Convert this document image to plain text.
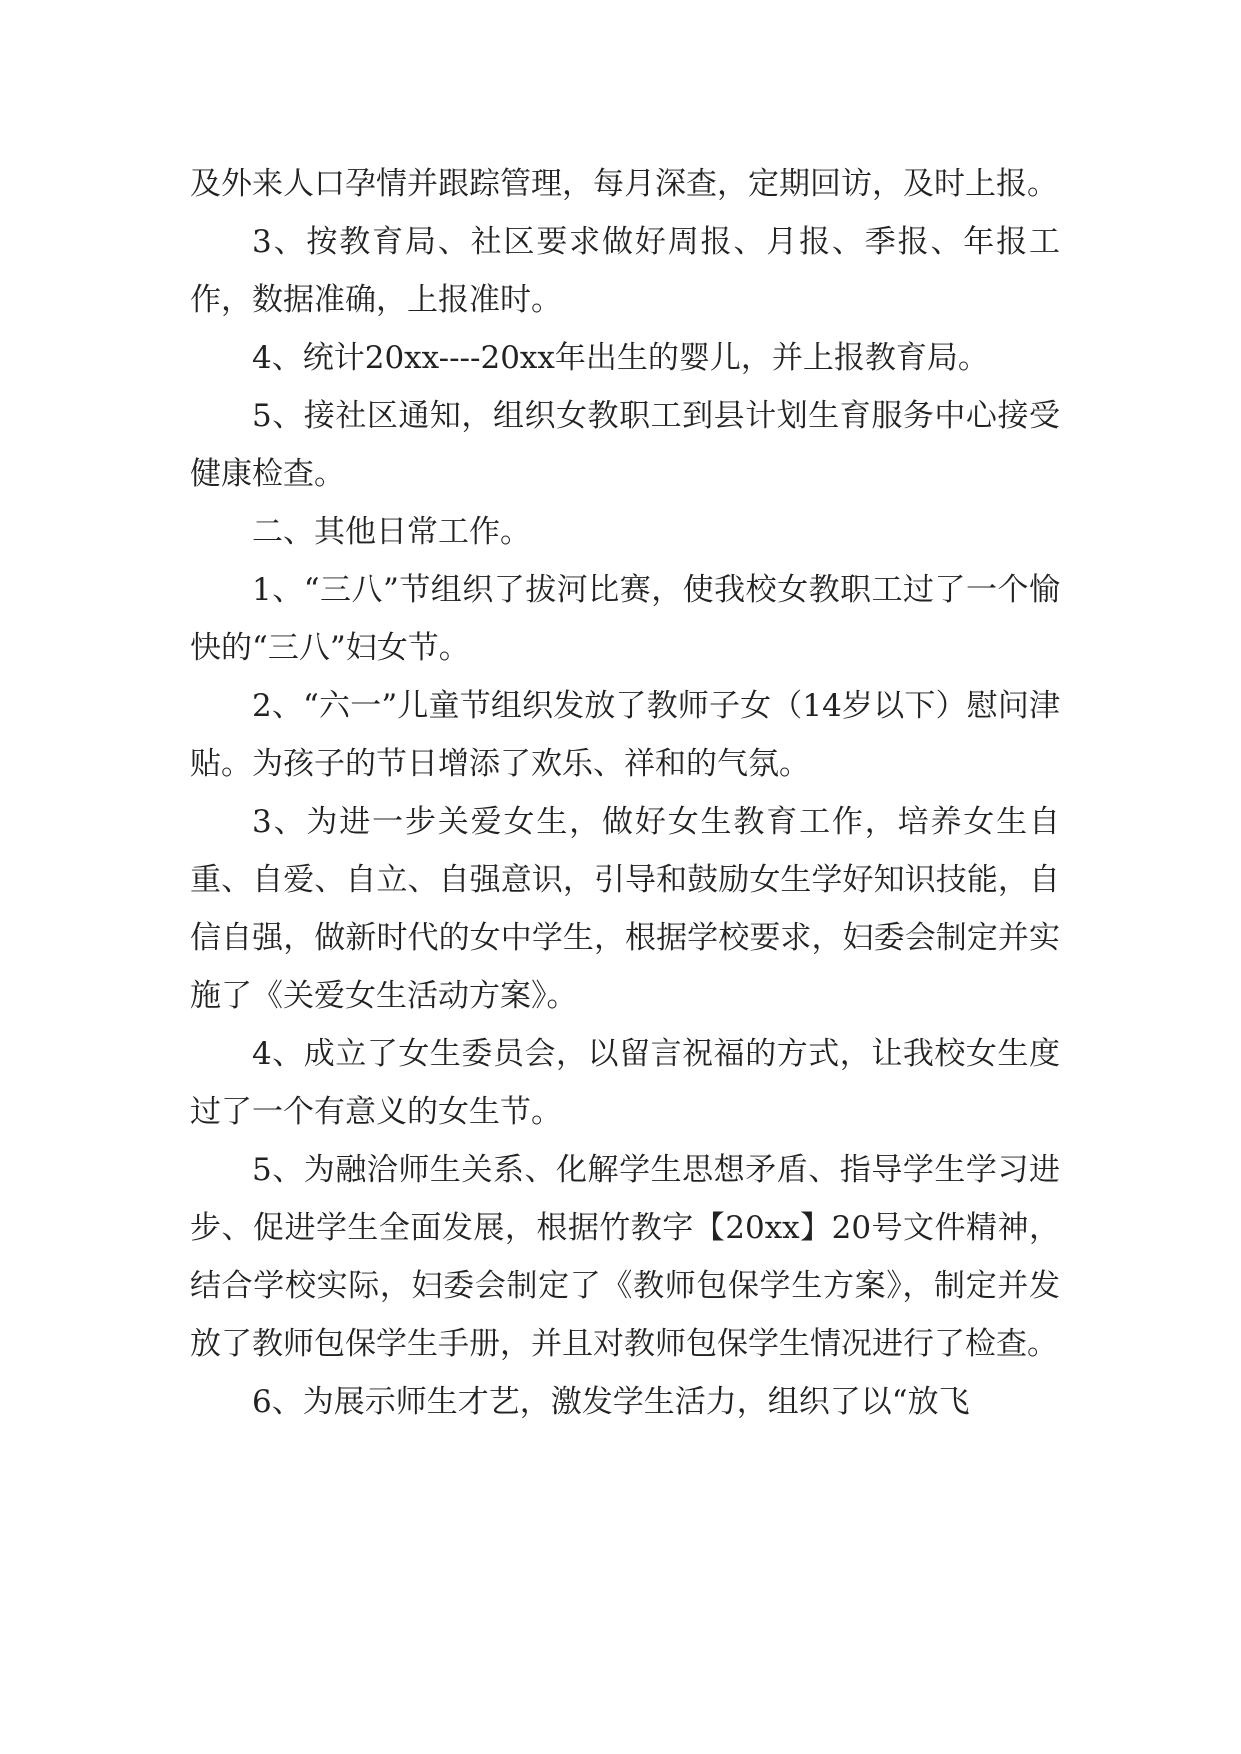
及外来人口孕情并跟踪管理，每月深查，定期回访，及时上报。

3、按教育局、社区要求做好周报、月报、季报、年报工作，数据准确，上报准时。

4、统计20xx----20xx年出生的婴儿，并上报教育局。

5、接社区通知，组织女教职工到县计划生育服务中心接受健康检查。

二、其他日常工作。

1、“三八”节组织了拔河比赛，使我校女教职工过了一个愉快的“三八”妇女节。

2、“六一”儿童节组织发放了教师子女（14岁以下）慰问津贴。为孩子的节日增添了欢乐、祥和的气氛。

3、为进一步关爱女生，做好女生教育工作，培养女生自重、自爱、自立、自强意识，引导和鼓励女生学好知识技能，自信自强，做新时代的女中学生，根据学校要求，妇委会制定并实施了《关爱女生活动方案》。

4、成立了女生委员会，以留言祝福的方式，让我校女生度过了一个有意义的女生节。

5、为融洽师生关系、化解学生思想矛盾、指导学生学习进步、促进学生全面发展，根据竹教字【20xx】20号文件精神，结合学校实际，妇委会制定了《教师包保学生方案》，制定并发放了教师包保学生手册，并且对教师包保学生情况进行了检查。

6、为展示师生才艺，激发学生活力，组织了以“放飞
